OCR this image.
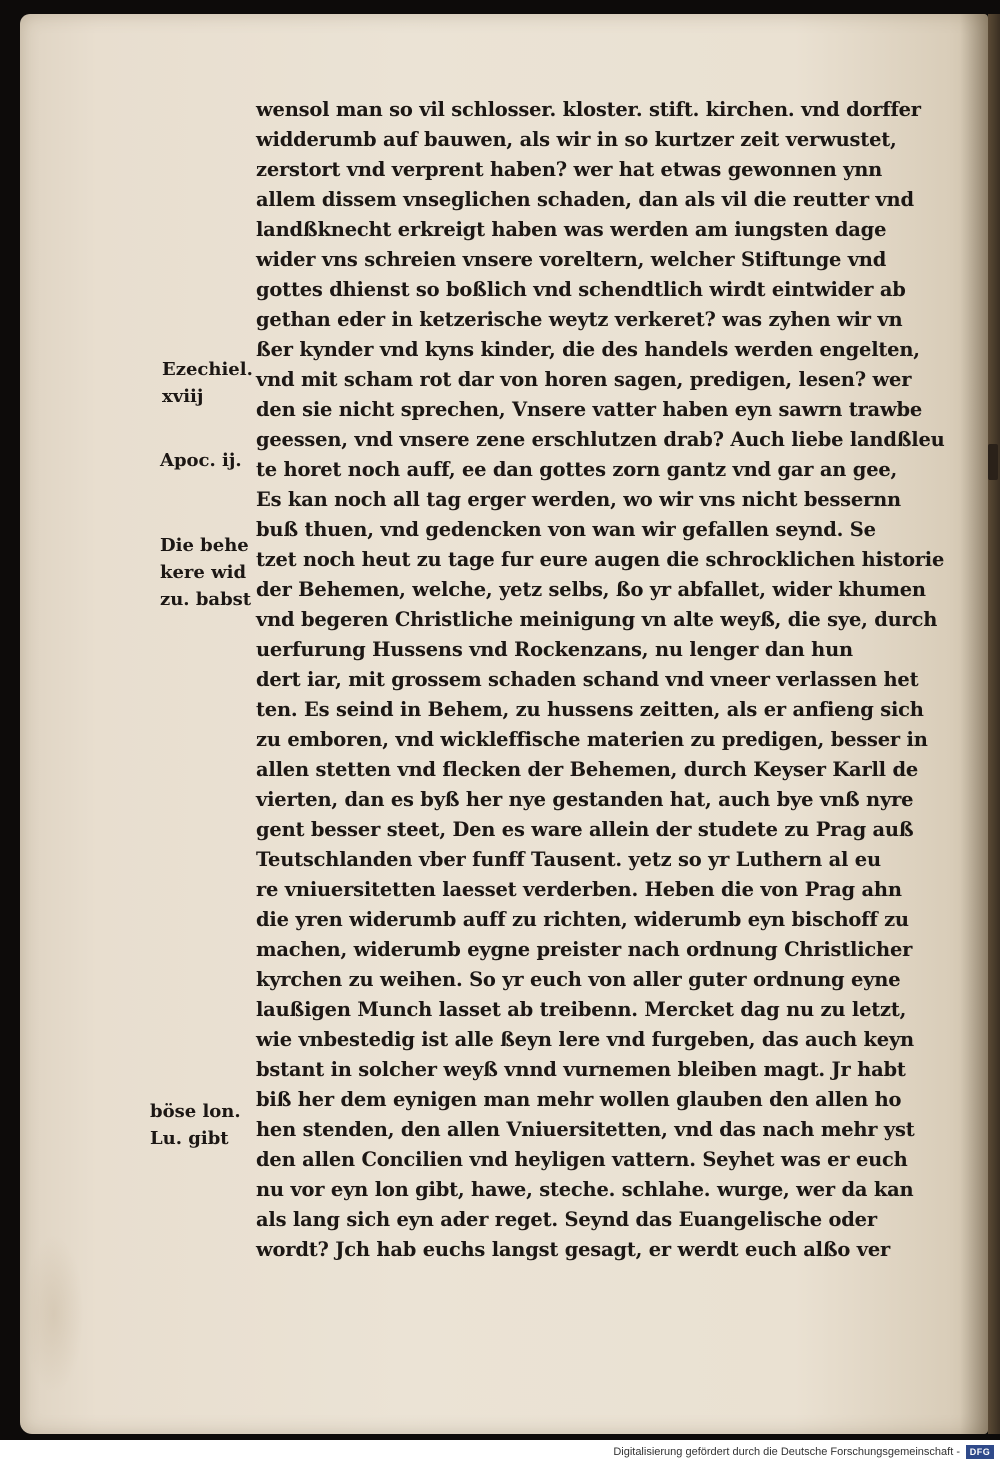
wensol man so vil schlosser. kloster. stift. kirchen. vnd dorffer
widderumb auf bauwen, als wir in so kurtzer zeit verwustet,
zerstort vnd verprent haben? wer hat etwas gewonnen ynn
allem dissem vnseglichen schaden, dan als vil die reutter vnd
landßknecht erkreigt haben was werden am iungsten dage
wider vns schreien vnsere voreltern, welcher Stiftunge vnd
gottes dhienst so boßlich vnd schendtlich wirdt eintwider ab
gethan eder in ketzerische weytz verkeret? was zyhen wir vn
ßer kynder vnd kyns kinder, die des handels werden engelten,
vnd mit scham rot dar von horen sagen, predigen, lesen? wer
den sie nicht sprechen, Vnsere vatter haben eyn sawrn trawbe
geessen, vnd vnsere zene erschlutzen drab? Auch liebe landßleu
te horet noch auff, ee dan gottes zorn gantz vnd gar an gee,
Es kan noch all tag erger werden, wo wir vns nicht bessernn
buß thuen, vnd gedencken von wan wir gefallen seynd. Se
tzet noch heut zu tage fur eure augen die schrocklichen historie
der Behemen, welche, yetz selbs, ßo yr abfallet, wider khumen
vnd begeren Christliche meinigung vn alte weyß, die sye, durch
uerfurung Hussens vnd Rockenzans, nu lenger dan hun
dert iar, mit grossem schaden schand vnd vneer verlassen het
ten. Es seind in Behem, zu hussens zeitten, als er anfieng sich
zu emboren, vnd wickleffische materien zu predigen, besser in
allen stetten vnd flecken der Behemen, durch Keyser Karll de
vierten, dan es byß her nye gestanden hat, auch bye vnß nyre
gent besser steet, Den es ware allein der studete zu Prag auß
Teutschlanden vber funff Tausent. yetz so yr Luthern al eu
re vniuersitetten laesset verderben. Heben die von Prag ahn
die yren widerumb auff zu richten, widerumb eyn bischoff zu
machen, widerumb eygne preister nach ordnung Christlicher
kyrchen zu weihen. So yr euch von aller guter ordnung eyne
laußigen Munch lasset ab treibenn. Mercket dag nu zu letzt,
wie vnbestedig ist alle ßeyn lere vnd furgeben, das auch keyn
bstant in solcher weyß vnnd vurnemen bleiben magt. Jr habt
biß her dem eynigen man mehr wollen glauben den allen ho
hen stenden, den allen Vniuersitetten, vnd das nach mehr yst
den allen Concilien vnd heyligen vattern. Seyhet was er euch
nu vor eyn lon gibt, hawe, steche. schlahe. wurge, wer da kan
als lang sich eyn ader reget. Seynd das Euangelische oder
wordt? Jch hab euchs langst gesagt, er werdt euch alßo ver
Ezechiel.
xviij
Apoc. ij.
Die behe
kere wid
zu. babst
böse lon.
Lu. gibt
Digitalisierung gefördert durch die Deutsche Forschungsgemeinschaft -	DFG
